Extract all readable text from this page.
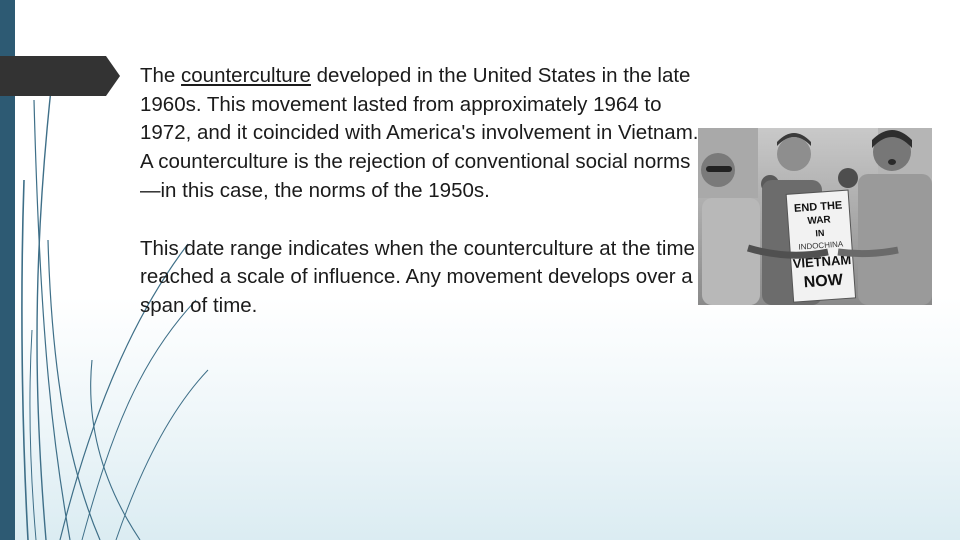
The counterculture developed in the United States in the late 1960s. This movement lasted from approximately 1964 to 1972, and it coincided with America's involvement in Vietnam. A counterculture is the rejection of conventional social norms—in this case, the norms of the 1950s.

This date range indicates when the counterculture at the time reached a scale of influence. Any movement develops over a span of time.

END THE
WAR
IN
INDOCHINA
VIETNAM
NOW
